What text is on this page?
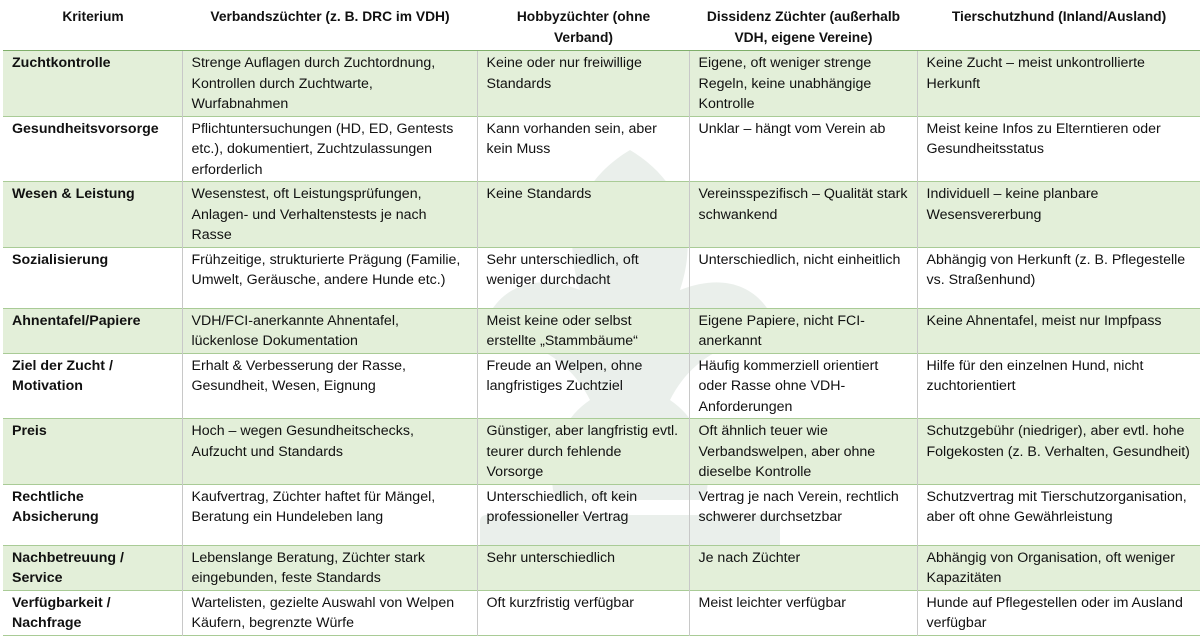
Kriterium	Verbandszüchter (z. B. DRC im VDH)	Hobbyzüchter (ohne Verband)	Dissidenz Züchter (außerhalb VDH, eigene Vereine)	Tierschutzhund (Inland/Ausland)
Zuchtkontrolle	Strenge Auflagen durch Zuchtordnung, Kontrollen durch Zuchtwarte, Wurfabnahmen	Keine oder nur freiwillige Standards	Eigene, oft weniger strenge Regeln, keine unabhängige Kontrolle	Keine Zucht – meist unkontrollierte Herkunft
Gesundheitsvorsorge	Pflichtuntersuchungen (HD, ED, Gentests etc.), dokumentiert, Zuchtzulassungen erforderlich	Kann vorhanden sein, aber kein Muss	Unklar – hängt vom Verein ab	Meist keine Infos zu Elterntieren oder Gesundheitsstatus
Wesen & Leistung	Wesenstest, oft Leistungsprüfungen, Anlagen- und Verhaltenstests je nach Rasse	Keine Standards	Vereinsspezifisch – Qualität stark schwankend	Individuell – keine planbare Wesensvererbung
Sozialisierung	Frühzeitige, strukturierte Prägung (Familie, Umwelt, Geräusche, andere Hunde etc.)	Sehr unterschiedlich, oft weniger durchdacht	Unterschiedlich, nicht einheitlich	Abhängig von Herkunft (z. B. Pflegestelle vs. Straßenhund)
Ahnentafel/Papiere	VDH/FCI-anerkannte Ahnentafel, lückenlose Dokumentation	Meist keine oder selbst erstellte „Stammbäume“	Eigene Papiere, nicht FCI-anerkannt	Keine Ahnentafel, meist nur Impfpass
Ziel der Zucht / Motivation	Erhalt & Verbesserung der Rasse, Gesundheit, Wesen, Eignung	Freude an Welpen, ohne langfristiges Zuchtziel	Häufig kommerziell orientiert oder Rasse ohne VDH-Anforderungen	Hilfe für den einzelnen Hund, nicht zuchtorientiert
Preis	Hoch – wegen Gesundheitschecks, Aufzucht und Standards	Günstiger, aber langfristig evtl. teurer durch fehlende Vorsorge	Oft ähnlich teuer wie Verbandswelpen, aber ohne dieselbe Kontrolle	Schutzgebühr (niedriger), aber evtl. hohe Folgekosten (z. B. Verhalten, Gesundheit)
Rechtliche Absicherung	Kaufvertrag, Züchter haftet für Mängel, Beratung ein Hundeleben lang	Unterschiedlich, oft kein professioneller Vertrag	Vertrag je nach Verein, rechtlich schwerer durchsetzbar	Schutzvertrag mit Tierschutzorganisation, aber oft ohne Gewährleistung
Nachbetreuung / Service	Lebenslange Beratung, Züchter stark eingebunden, feste Standards	Sehr unterschiedlich	Je nach Züchter	Abhängig von Organisation, oft weniger Kapazitäten
Verfügbarkeit / Nachfrage	Wartelisten, gezielte Auswahl von Welpen Käufern, begrenzte Würfe	Oft kurzfristig verfügbar	Meist leichter verfügbar	Hunde auf Pflegestellen oder im Ausland verfügbar
